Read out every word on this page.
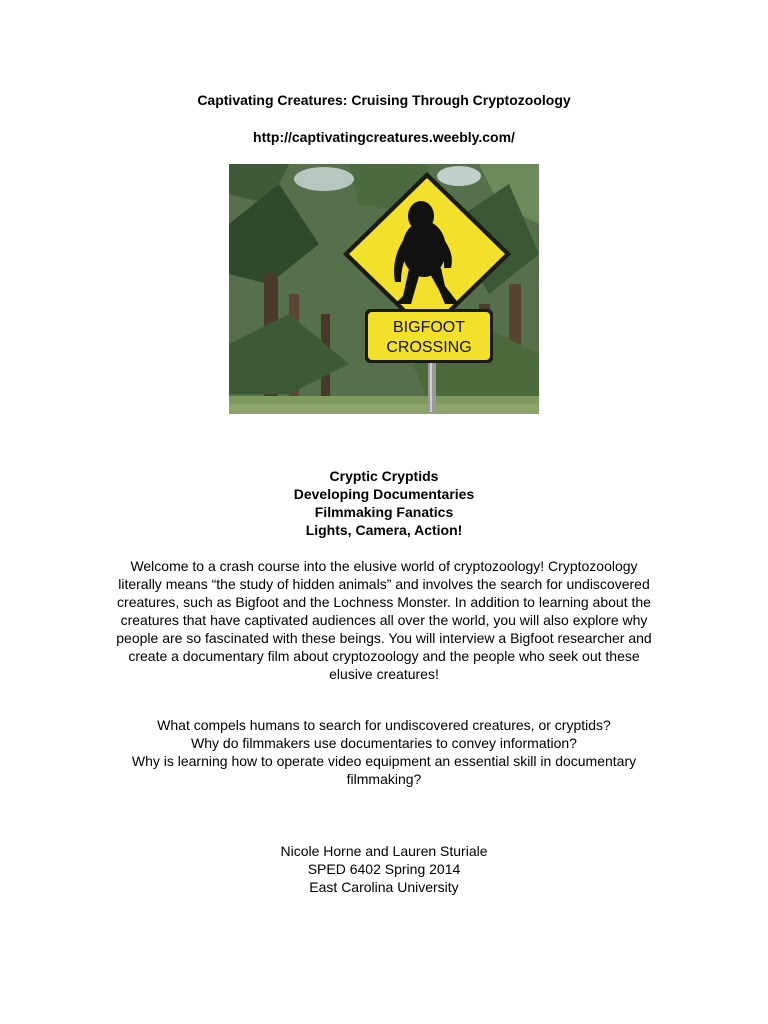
Captivating Creatures: Cruising Through Cryptozoology
http://captivatingcreatures.weebly.com/
BIGFOOT
CROSSING
Cryptic Cryptids
Developing Documentaries
Filmmaking Fanatics
Lights, Camera, Action!
Welcome to a crash course into the elusive world of cryptozoology! Cryptozoology
literally means “the study of hidden animals” and involves the search for undiscovered
creatures, such as Bigfoot and the Lochness Monster. In addition to learning about the
creatures that have captivated audiences all over the world, you will also explore why
people are so fascinated with these beings. You will interview a Bigfoot researcher and
create a documentary film about cryptozoology and the people who seek out these
elusive creatures!
What compels humans to search for undiscovered creatures, or cryptids?
Why do filmmakers use documentaries to convey information?
Why is learning how to operate video equipment an essential skill in documentary
filmmaking?
Nicole Horne and Lauren Sturiale
SPED 6402 Spring 2014
East Carolina University
